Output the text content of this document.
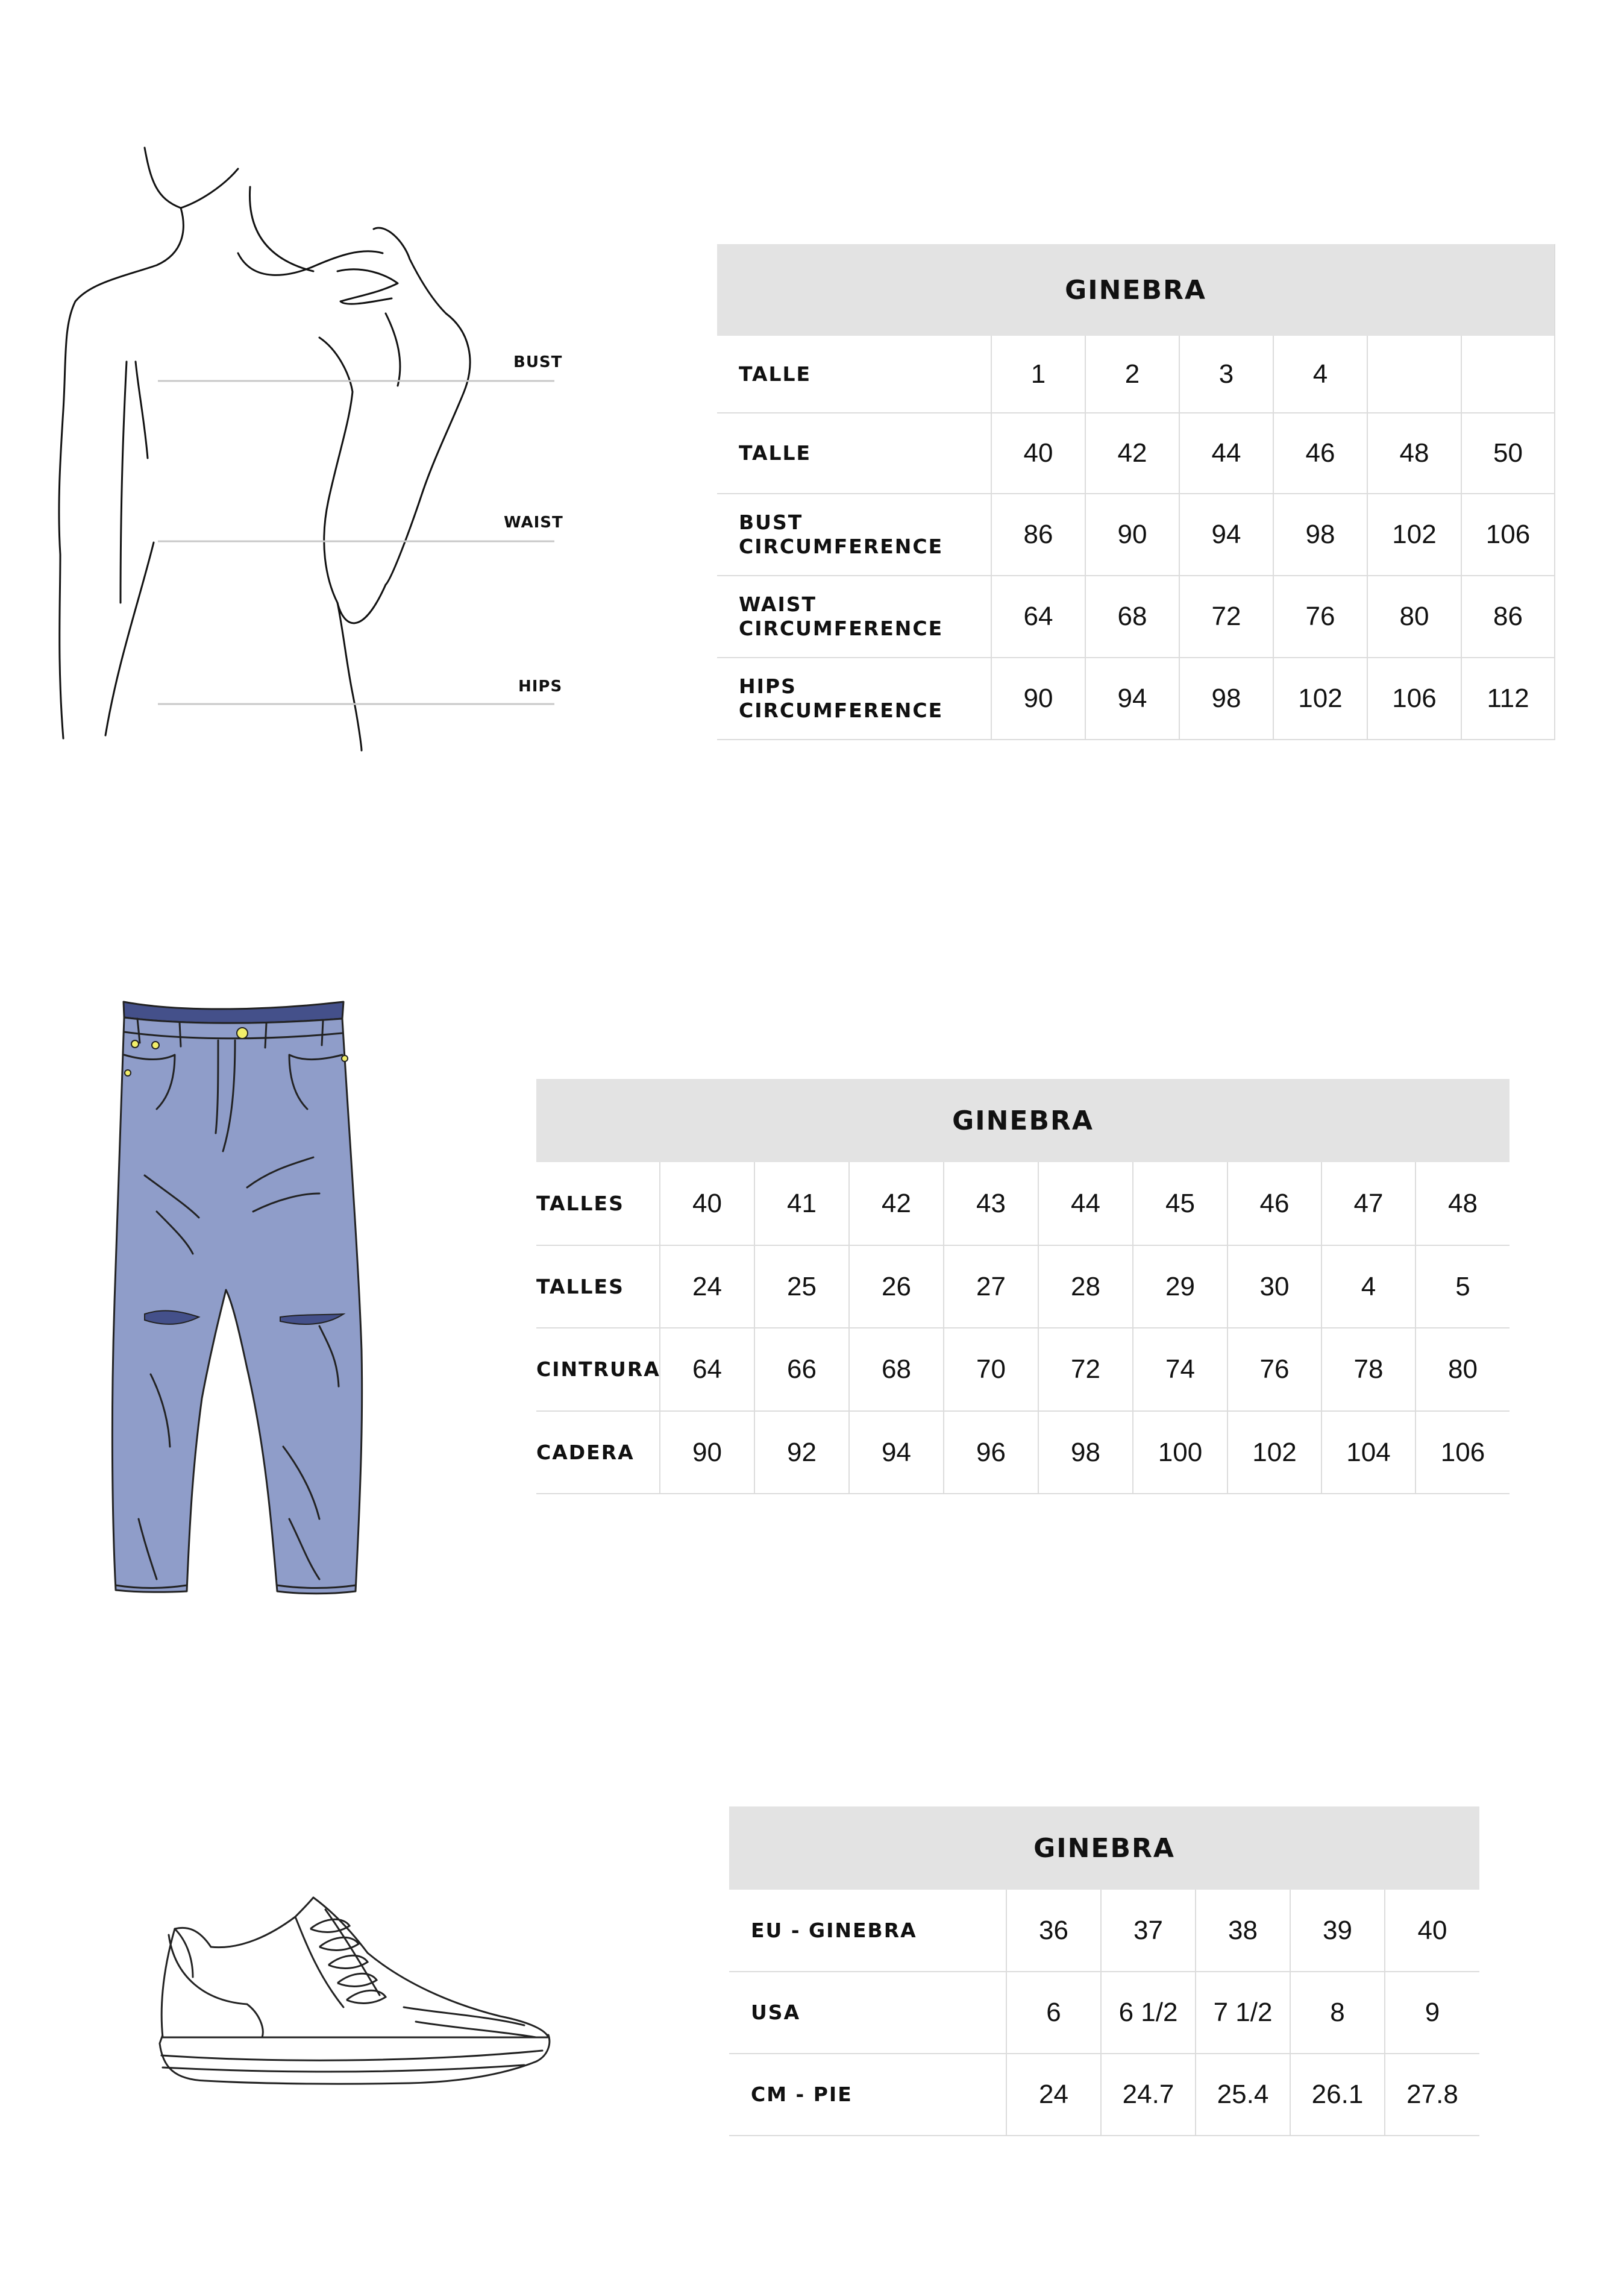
BUST
WAIST
HIPS
GINEBRA						
TALLE	1	2	3	4		
TALLE	40	42	44	46	48	50
BUST
CIRCUMFERENCE	86	90	94	98	102	106
WAIST
CIRCUMFERENCE	64	68	72	76	80	86
HIPS
CIRCUMFERENCE	90	94	98	102	106	112
GINEBRA									
TALLES	40	41	42	43	44	45	46	47	48
TALLES	24	25	26	27	28	29	30	4	5
CINTRURA	64	66	68	70	72	74	76	78	80
CADERA	90	92	94	96	98	100	102	104	106
GINEBRA					
EU - GINEBRA	36	37	38	39	40
USA	6	6 1/2	7 1/2	8	9
CM - PIE	24	24.7	25.4	26.1	27.8
